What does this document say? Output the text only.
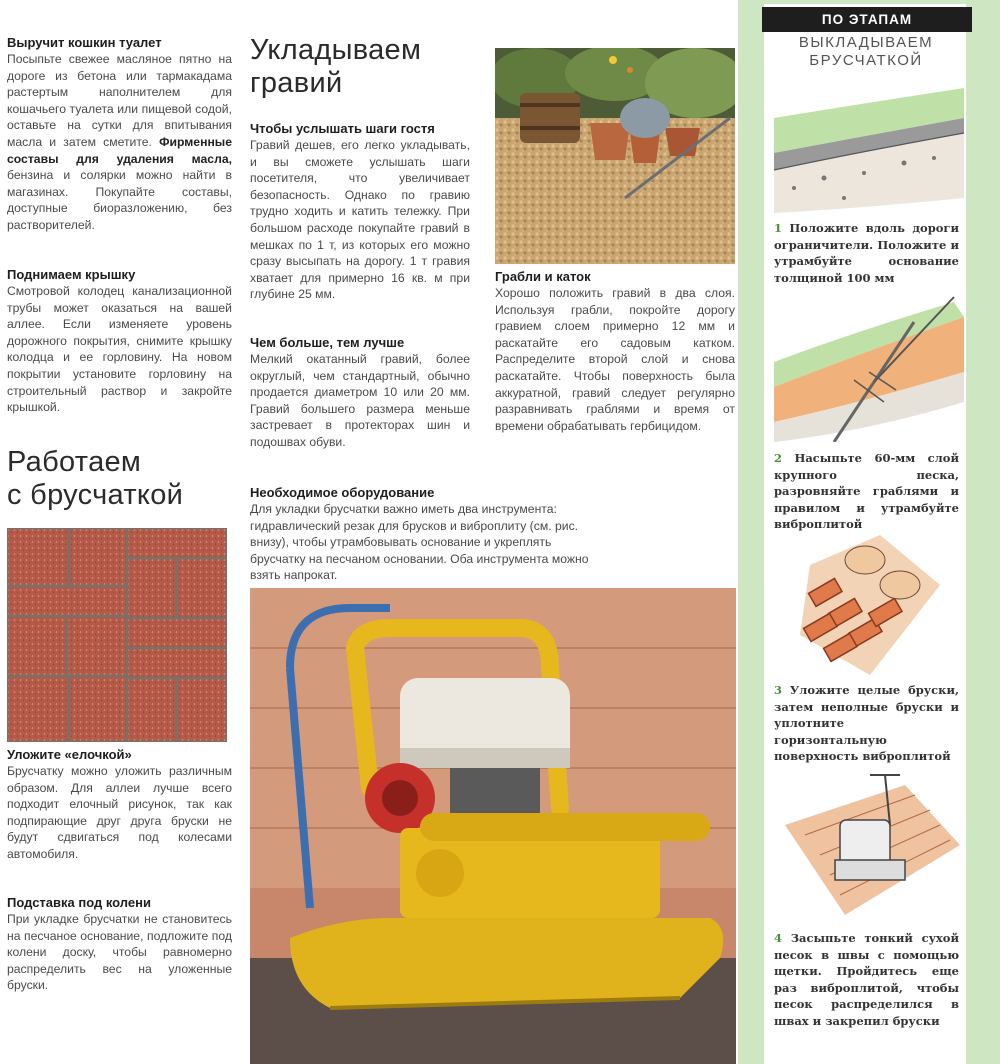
Выручит кошкин туалет

Посыпьте свежее масляное пятно на дороге из бетона или тармакадама растертым наполнителем для кошачьего туалета или пищевой содой, оставьте на сутки для впитывания масла и затем сметите. Фирменные составы для удаления масла, бензина и солярки можно найти в магазинах. Покупайте составы, доступные биоразложению, без растворителей.

Поднимаем крышку

Смотровой колодец канализационной трубы может оказаться на вашей аллее. Если изменяете уровень дорожного покрытия, снимите крышку колодца и ее горловину. На новом покрытии установите горловину на строительный раствор и закройте крышкой.

Работаем
с брусчаткой

Уложите «елочкой»

Брусчатку можно уложить различным образом. Для аллеи лучше всего подходит елочный рисунок, так как подпирающие друг друга бруски не будут сдвигаться под колесами автомобиля.

Подставка под колени

При укладке брусчатки не становитесь на песчаное основание, подложите под колени доску, чтобы равномерно распределить вес на уложенные бруски.

Укладываем
гравий

Чтобы услышать шаги гостя

Гравий дешев, его легко укладывать, и вы сможете услышать шаги посетителя, что увеличивает безопасность. Однако по гравию трудно ходить и катить тележку. При большом расходе покупайте гравий в мешках по 1 т, из которых его можно сразу высыпать на дорогу. 1 т гравия хватает для примерно 16 кв. м при глубине 25 мм.

Чем больше, тем лучше

Мелкий окатанный гравий, более округлый, чем стандартный, обычно продается диаметром 10 или 20 мм. Гравий большего размера меньше застревает в протекторах шин и подошвах обуви.

Грабли и каток

Хорошо положить гравий в два слоя. Используя грабли, покройте дорогу гравием слоем примерно 12 мм и раскатайте его садовым катком. Распределите второй слой и снова раскатайте. Чтобы поверхность была аккуратной, гравий следует регулярно разравнивать граблями и время от времени обрабатывать гербицидом.

Необходимое оборудование

Для укладки брусчатки важно иметь два инструмента: гидравлический резак для брусков и виброплиту (см. рис. внизу), чтобы утрамбовывать основание и укреплять брусчатку на песчаном основании. Оба инструмента можно взять напрокат.

ПО ЭТАПАМ
ВЫКЛАДЫВАЕМ
БРУСЧАТКОЙ

1 Положите вдоль дороги ограничители. Положите и утрамбуйте основание толщиной 100 мм

2 Насыпьте 60-мм слой крупного песка, разровняйте граблями и правилом и утрамбуйте виброплитой

3 Уложите целые бруски, затем неполные бруски и уплотните горизонтальную поверхность виброплитой

4 Засыпьте тонкий сухой песок в швы с помощью щетки. Пройдитесь еще раз виброплитой, чтобы песок распределился в швах и закрепил бруски
